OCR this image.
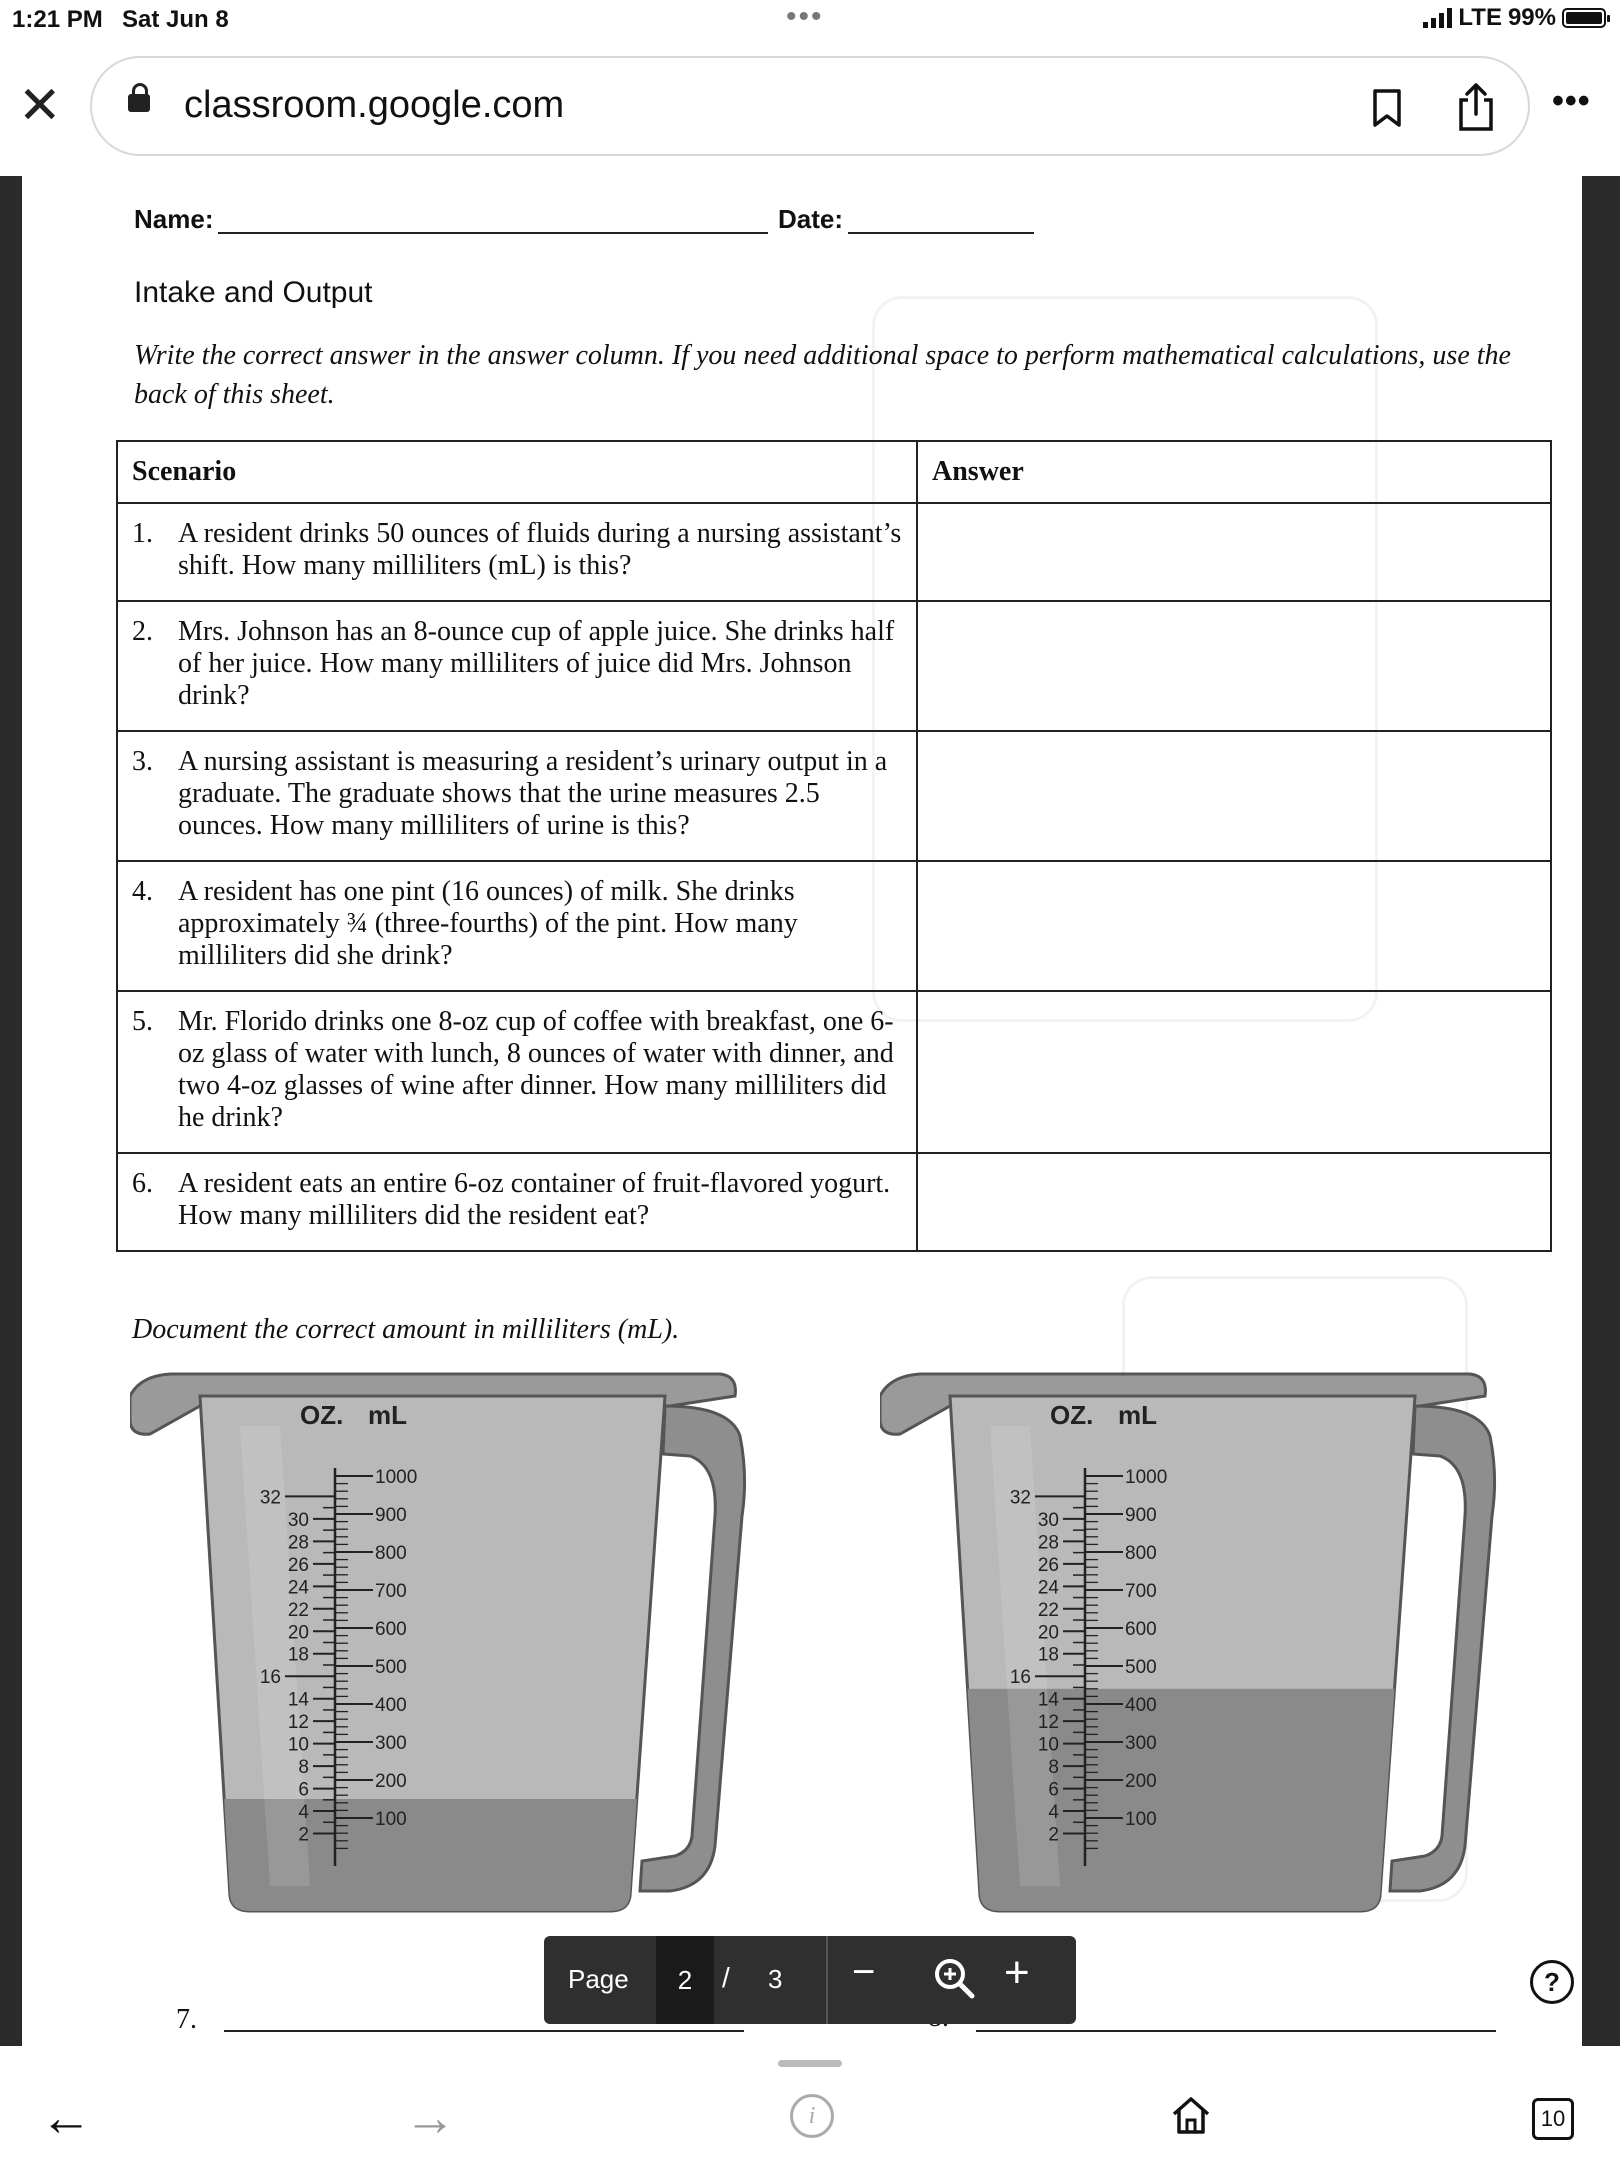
1:21 PM Sat Jun 8	•••	LTE 99%
✕	classroom.google.com	•••
Name:	Date:
Intake and Output
Write the correct answer in the answer column. If you need additional space to perform mathematical calculations, use the back of this sheet.
Scenario	Answer

1. A resident drinks 50 ounces of fluids during a nursing assistant’s shift. How many milliliters (mL) is this?	

2. Mrs. Johnson has an 8-ounce cup of apple juice. She drinks half of her juice. How many milliliters of juice did Mrs. Johnson drink?	

3. A nursing assistant is measuring a resident’s urinary output in a graduate. The graduate shows that the urine measures 2.5 ounces. How many milliliters of urine is this?	

4. A resident has one pint (16 ounces) of milk. She drinks approximately ¾ (three-fourths) of the pint. How many milliliters did she drink?	

5. Mr. Florido drinks one 8-oz cup of coffee with breakfast, one 6-oz glass of water with lunch, 8 ounces of water with dinner, and two 4-oz glasses of wine after dinner. How many milliliters did he drink?	

6. A resident eats an entire 6-oz container of fruit-flavored yogurt. How many milliliters did the resident eat?	

Document the correct amount in milliliters (mL).
OZ. mL
32
30
28
26
24
22
20
18
16
14
12
10
8
6
4
2
1000
900
800
700
600
500
400
300
200
100
OZ. mL
32
30
28
26
24
22
20
18
16
14
12
10
8
6
4
2
1000
900
800
700
600
500
400
300
200
100
7.
Page	2	/ 3 −	+	?
←	→	i	10
